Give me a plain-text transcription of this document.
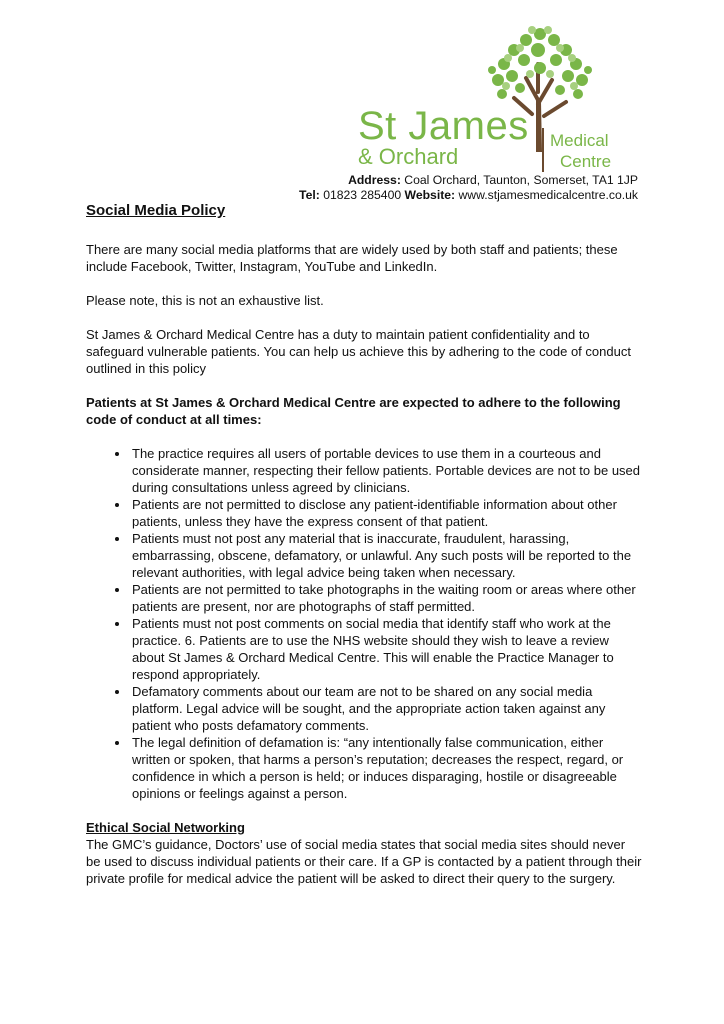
St James
& Orchard
Medical
Centre
Address: Coal Orchard, Taunton, Somerset, TA1 1JP
Tel: 01823 285400 Website: www.stjamesmedicalcentre.co.uk
Social Media Policy

There are many social media platforms that are widely used by both staff and patients; these include Facebook, Twitter, Instagram, YouTube and LinkedIn.

Please note, this is not an exhaustive list.

St James & Orchard Medical Centre has a duty to maintain patient confidentiality and to safeguard vulnerable patients. You can help us achieve this by adhering to the code of conduct outlined in this policy

Patients at St James & Orchard Medical Centre are expected to adhere to the following code of conduct at all times:

• The practice requires all users of portable devices to use them in a courteous and considerate manner, respecting their fellow patients. Portable devices are not to be used during consultations unless agreed by clinicians.
• Patients are not permitted to disclose any patient-identifiable information about other patients, unless they have the express consent of that patient.
• Patients must not post any material that is inaccurate, fraudulent, harassing, embarrassing, obscene, defamatory, or unlawful. Any such posts will be reported to the relevant authorities, with legal advice being taken when necessary.
• Patients are not permitted to take photographs in the waiting room or areas where other patients are present, nor are photographs of staff permitted.
• Patients must not post comments on social media that identify staff who work at the practice. 6. Patients are to use the NHS website should they wish to leave a review about St James & Orchard Medical Centre. This will enable the Practice Manager to respond appropriately.
• Defamatory comments about our team are not to be shared on any social media platform. Legal advice will be sought, and the appropriate action taken against any patient who posts defamatory comments.
• The legal definition of defamation is: “any intentionally false communication, either written or spoken, that harms a person’s reputation; decreases the respect, regard, or confidence in which a person is held; or induces disparaging, hostile or disagreeable opinions or feelings against a person.
Ethical Social Networking

The GMC’s guidance, Doctors’ use of social media states that social media sites should never be used to discuss individual patients or their care. If a GP is contacted by a patient through their private profile for medical advice the patient will be asked to direct their query to the surgery.
